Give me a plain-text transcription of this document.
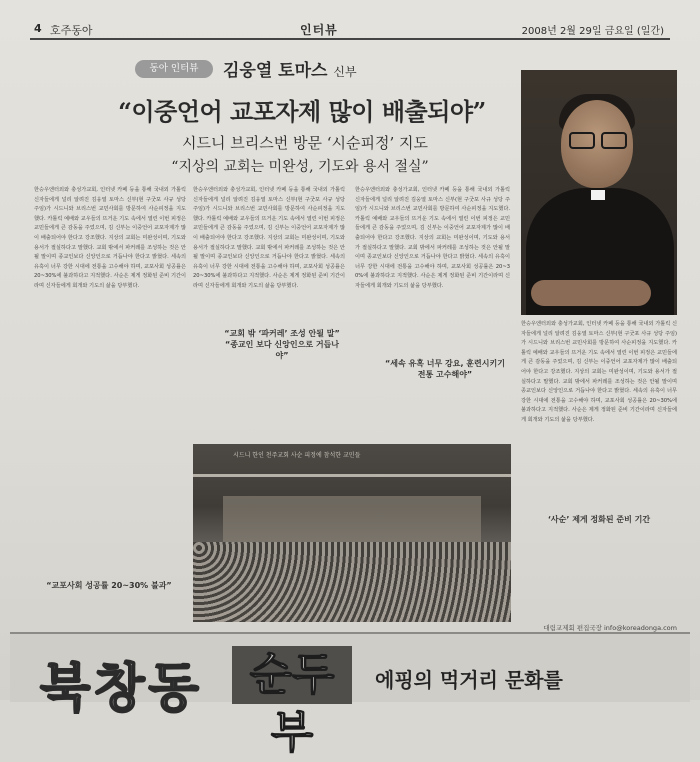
4 호주동아	인터뷰	2008년 2월 29일 금요일 (일간)
동아 인터뷰	김웅열 토마스 신부
“이중언어 교포자제 많이 배출되야”
시드니 브리스번 방문 ‘시순피정’ 지도
“지상의 교회는 미완성, 기도와 용서 절실”
한승우엔터외와 충성가교회, 인터넷 카페 등을 통해 국내외 가톨릭 신자들에게 널리 알려진 김웅열 토마스 신부(현 구굿포 사규 성당 주임)가 시드니와 브리스번 교민사회를 방문하여 사순피정을 지도했다. 카톨릭 예배와 교우들의 뜨거운 기도 속에서 열린 이번 피정은 교민들에게 큰 감동을 주었으며, 김 신부는 이중언어 교포자제가 많이 배출되어야 한다고 강조했다. 지상의 교회는 미완성이며, 기도와 용서가 절실하다고 말했다. 교회 밖에서 파커레를 조성하는 것은 안될 말이며 종교인보다 신앙인으로 거듭나야 한다고 밝혔다. 세속의 유혹이 너무 강한 시대에 전통을 고수해야 하며, 교포사회 성공률은 20~30%에 불과하다고 지적했다. 사순은 제게 정화된 준비 기간이라며 신자들에게 회개와 기도의 삶을 당부했다.
한승우엔터외와 충성가교회, 인터넷 카페 등을 통해 국내외 가톨릭 신자들에게 널리 알려진 김웅열 토마스 신부(현 구굿포 사규 성당 주임)가 시드니와 브리스번 교민사회를 방문하여 사순피정을 지도했다. 카톨릭 예배와 교우들의 뜨거운 기도 속에서 열린 이번 피정은 교민들에게 큰 감동을 주었으며, 김 신부는 이중언어 교포자제가 많이 배출되어야 한다고 강조했다. 지상의 교회는 미완성이며, 기도와 용서가 절실하다고 말했다. 교회 밖에서 파커레를 조성하는 것은 안될 말이며 종교인보다 신앙인으로 거듭나야 한다고 밝혔다. 세속의 유혹이 너무 강한 시대에 전통을 고수해야 하며, 교포사회 성공률은 20~30%에 불과하다고 지적했다. 사순은 제게 정화된 준비 기간이라며 신자들에게 회개와 기도의 삶을 당부했다.
한승우엔터외와 충성가교회, 인터넷 카페 등을 통해 국내외 가톨릭 신자들에게 널리 알려진 김웅열 토마스 신부(현 구굿포 사규 성당 주임)가 시드니와 브리스번 교민사회를 방문하여 사순피정을 지도했다. 카톨릭 예배와 교우들의 뜨거운 기도 속에서 열린 이번 피정은 교민들에게 큰 감동을 주었으며, 김 신부는 이중언어 교포자제가 많이 배출되어야 한다고 강조했다. 지상의 교회는 미완성이며, 기도와 용서가 절실하다고 말했다. 교회 밖에서 파커레를 조성하는 것은 안될 말이며 종교인보다 신앙인으로 거듭나야 한다고 밝혔다. 세속의 유혹이 너무 강한 시대에 전통을 고수해야 하며, 교포사회 성공률은 20~30%에 불과하다고 지적했다. 사순은 제게 정화된 준비 기간이라며 신자들에게 회개와 기도의 삶을 당부했다.
한승우엔터외와 충성가교회, 인터넷 카페 등을 통해 국내외 가톨릭 신자들에게 널리 알려진 김웅열 토마스 신부(현 구굿포 사규 성당 주임)가 시드니와 브리스번 교민사회를 방문하여 사순피정을 지도했다. 카톨릭 예배와 교우들의 뜨거운 기도 속에서 열린 이번 피정은 교민들에게 큰 감동을 주었으며, 김 신부는 이중언어 교포자제가 많이 배출되어야 한다고 강조했다. 지상의 교회는 미완성이며, 기도와 용서가 절실하다고 말했다. 교회 밖에서 파커레를 조성하는 것은 안될 말이며 종교인보다 신앙인으로 거듭나야 한다고 밝혔다. 세속의 유혹이 너무 강한 시대에 전통을 고수해야 하며, 교포사회 성공률은 20~30%에 불과하다고 지적했다. 사순은 제게 정화된 준비 기간이라며 신자들에게 회개와 기도의 삶을 당부했다.
“교회 밖 ‘파커레’ 조성 안될 말” “종교인 보다 신앙인으로 거듭나야”
“세속 유혹 너무 강요, 훈련시키기 전통 고수해야”
“교포사회 성공률 20~30% 불과”
‘사순’ 제게 정화된 준비 기간
시드니 한인 천주교회 사순 피정에 참석한 교민들
대림교제회 편집국장 info@koreadonga.com
북창동	순두부
에핑의 먹거리 문화를
